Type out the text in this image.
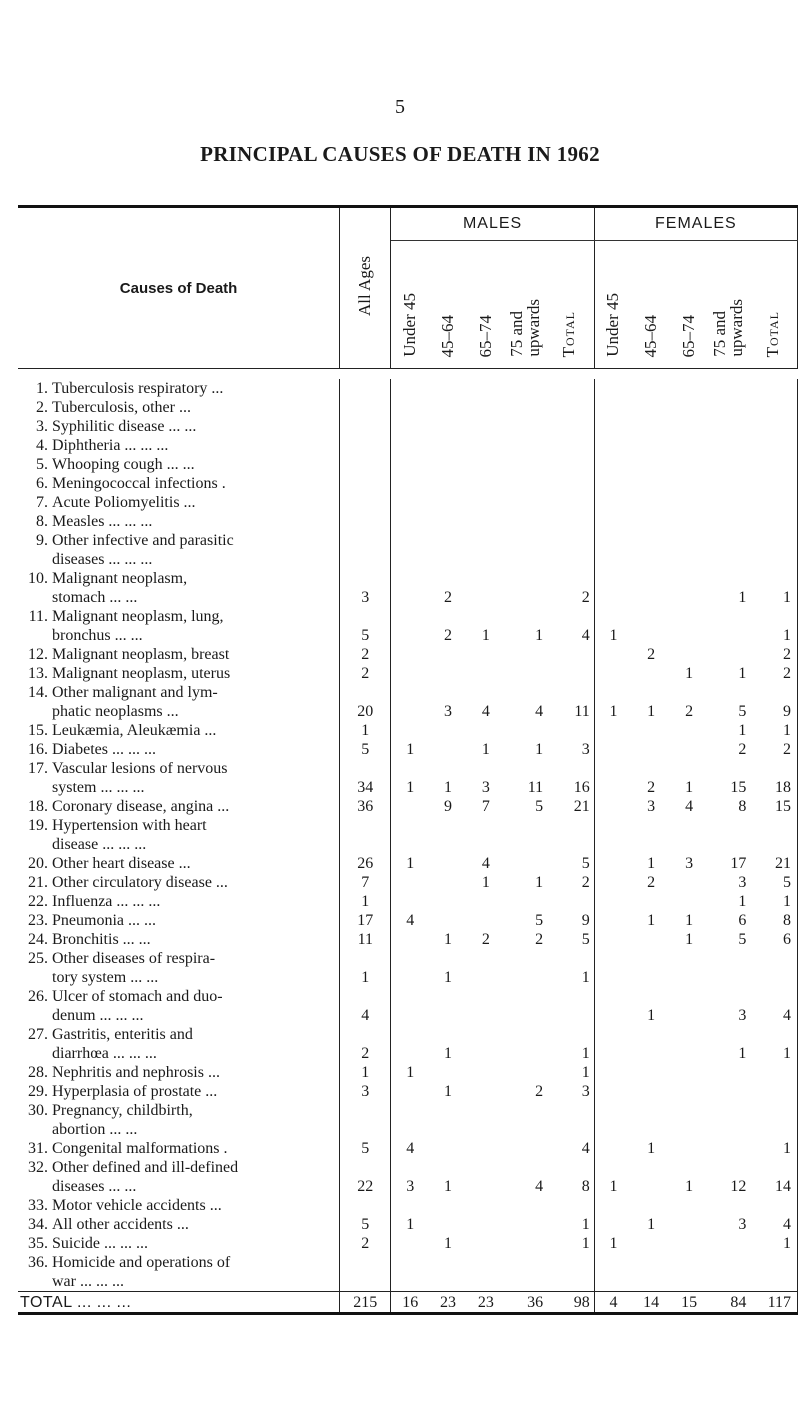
5
PRINCIPAL CAUSES OF DEATH IN 1962

Causes of Death	All Ages	MALES					FEMALES				
		Under 45	45–64	65–74	75 andupwards	Total	Under 45	45–64	65–74	75 andupwards	Total

1. Tuberculosis respiratory ...											
2. Tuberculosis, other ...											
3. Syphilitic disease ... ...											
4. Diphtheria ... ... ...											
5. Whooping cough ... ...											
6. Meningococcal infections .											
7. Acute Poliomyelitis ...											
8. Measles ... ... ...											
9. Other infective and parasitic											
diseases ... ... ...											
10. Malignant neoplasm,											
stomach ... ...	3		2			2				1	1
11. Malignant neoplasm, lung,											
bronchus ... ...	5		2	1	1	4	1				1
12. Malignant neoplasm, breast	2							2			2
13. Malignant neoplasm, uterus	2								1	1	2
14. Other malignant and lym-											
phatic neoplasms ...	20		3	4	4	11	1	1	2	5	9
15. Leukæmia, Aleukæmia ...	1									1	1
16. Diabetes ... ... ...	5	1		1	1	3				2	2
17. Vascular lesions of nervous											
system ... ... ...	34	1	1	3	11	16		2	1	15	18
18. Coronary disease, angina ...	36		9	7	5	21		3	4	8	15
19. Hypertension with heart											
disease ... ... ...											
20. Other heart disease ...	26	1		4		5		1	3	17	21
21. Other circulatory disease ...	7			1	1	2		2		3	5
22. Influenza ... ... ...	1									1	1
23. Pneumonia ... ...	17	4			5	9		1	1	6	8
24. Bronchitis ... ...	11		1	2	2	5			1	5	6
25. Other diseases of respira-											
tory system ... ...	1		1			1					
26. Ulcer of stomach and duo-											
denum ... ... ...	4							1		3	4
27. Gastritis, enteritis and											
diarrhœa ... ... ...	2		1			1				1	1
28. Nephritis and nephrosis ...	1	1				1					
29. Hyperplasia of prostate ...	3		1		2	3					
30. Pregnancy, childbirth,											
abortion ... ...											
31. Congenital malformations .	5	4				4		1			1
32. Other defined and ill-defined											
diseases ... ...	22	3	1		4	8	1		1	12	14
33. Motor vehicle accidents ...											
34. All other accidents ...	5	1				1		1		3	4
35. Suicide ... ... ...	2		1			1	1				1
36. Homicide and operations of											
war ... ... ...											
TOTAL ... ... ...	215	16	23	23	36	98	4	14	15	84	117
